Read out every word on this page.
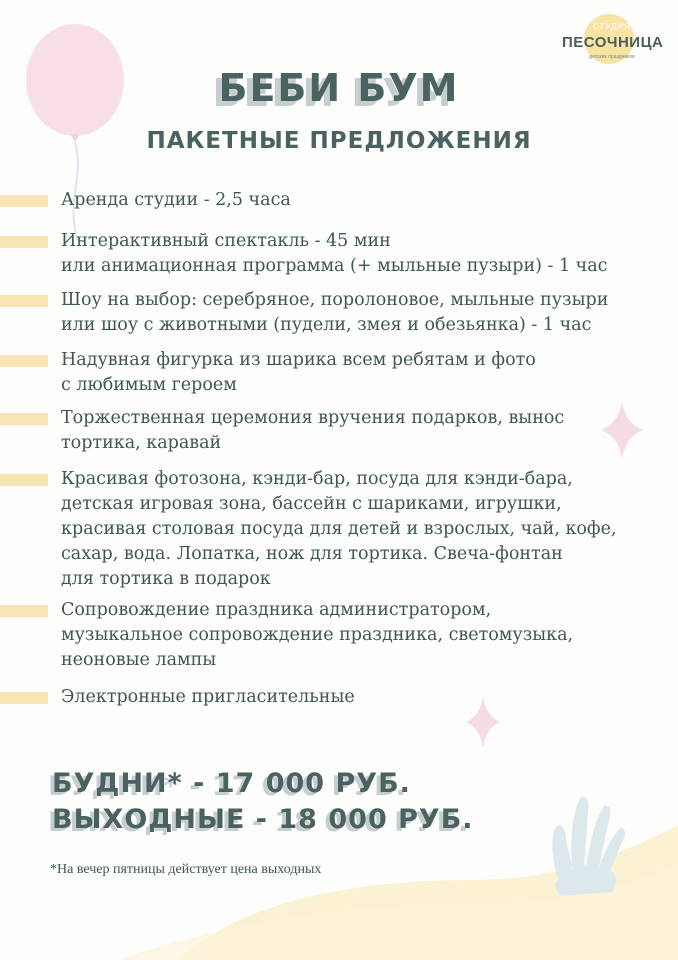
СТУДИЯ
ПЕСОЧНИЦА
детских праздников
БЕБИ БУМ
ПАКЕТНЫЕ ПРЕДЛОЖЕНИЯ
Аренда студии - 2,5 часа
Интерактивный спектакль - 45 мин
или анимационная программа (+ мыльные пузыри) - 1 час
Шоу на выбор: серебряное, поролоновое, мыльные пузыри
или шоу с животными (пудели, змея и обезьянка) - 1 час
Надувная фигурка из шарика всем ребятам и фото
с любимым героем
Торжественная церемония вручения подарков, вынос
тортика, каравай
Красивая фотозона, кэнди-бар, посуда для кэнди-бара,
детская игровая зона, бассейн с шариками, игрушки,
красивая столовая посуда для детей и взрослых, чай, кофе,
сахар, вода. Лопатка, нож для тортика. Свеча-фонтан
для тортика в подарок
Сопровождение праздника администратором,
музыкальное сопровождение праздника, светомузыка,
неоновые лампы
Электронные пригласительные
БУДНИ* - 17 000 РУБ.
ВЫХОДНЫЕ - 18 000 РУБ.
*На вечер пятницы действует цена выходных
